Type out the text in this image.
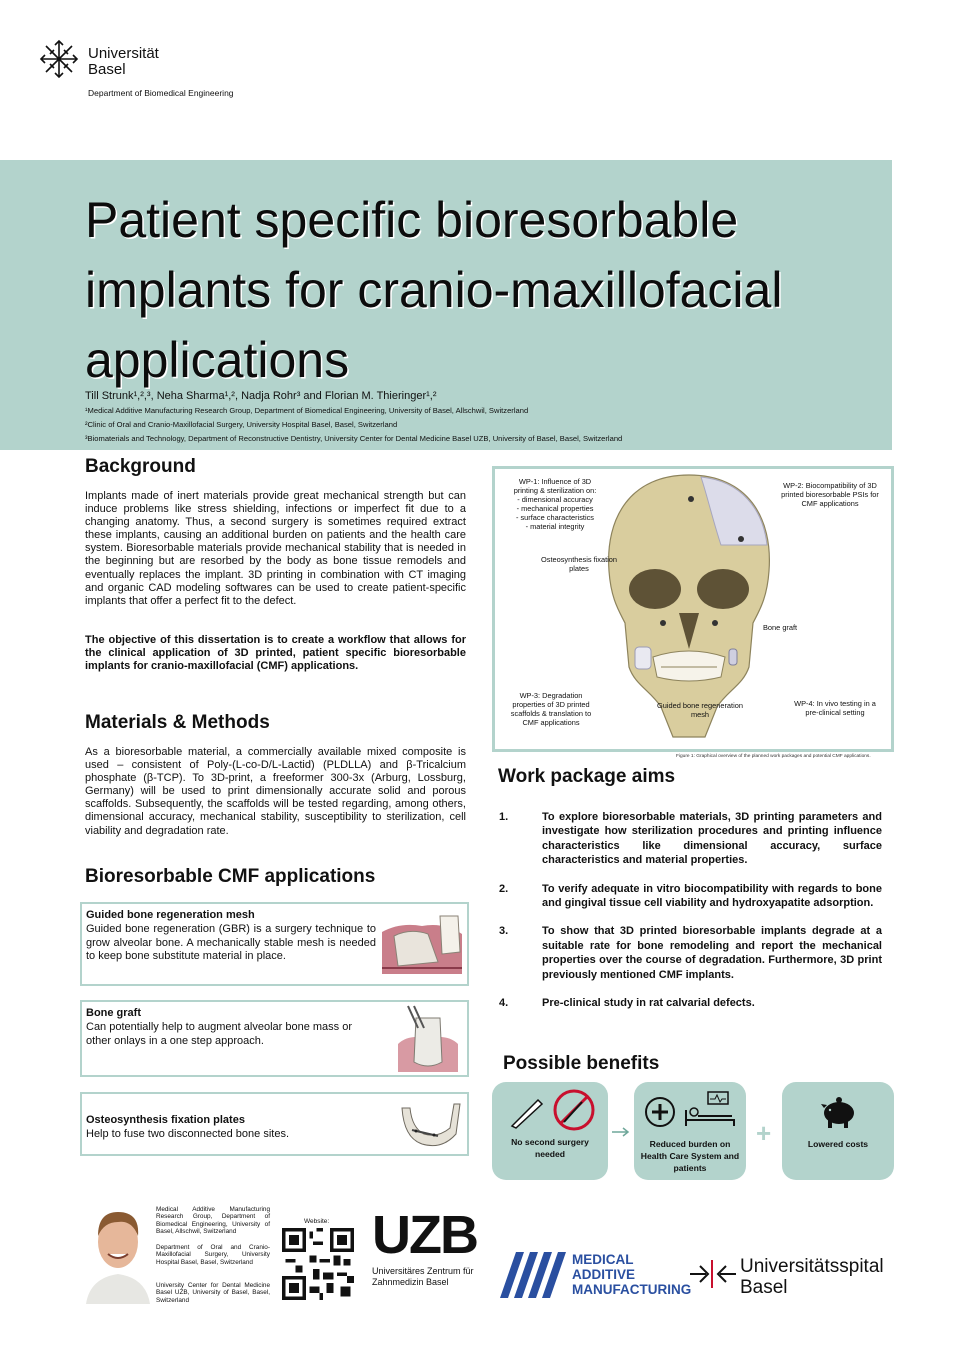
Universität Basel
Department of Biomedical Engineering
Patient specific bioresorbable implants for cranio-maxillofacial applications
Till Strunk¹,²,³, Neha Sharma¹,², Nadja Rohr³ and Florian M. Thieringer¹,²
¹Medical Additive Manufacturing Research Group, Department of Biomedical Engineering, University of Basel, Allschwil, Switzerland
²Clinic of Oral and Cranio-Maxillofacial Surgery, University Hospital Basel, Basel, Switzerland
³Biomaterials and Technology, Department of Reconstructive Dentistry, University Center for Dental Medicine Basel UZB, University of Basel, Basel, Switzerland
Background

Implants made of inert materials provide great mechanical strength but can induce problems like stress shielding, infections or imperfect fit due to a changing anatomy. Thus, a second surgery is sometimes required extract these implants, causing an additional burden on patients and the health care system. Bioresorbable materials provide mechanical stability that is needed in the beginning but are resorbed by the body as bone tissue remodels and eventually replaces the implant. 3D printing in combination with CT imaging and organic CAD modeling softwares can be used to create patient-specific implants that offer a perfect fit to the defect.

The objective of this dissertation is to create a workflow that allows for the clinical application of 3D printed, patient specific bioresorbable implants for cranio-maxillofacial (CMF) applications.

Materials & Methods

As a bioresorbable material, a commercially available mixed composite is used – consistent of Poly-(L-co-D/L-Lactid) (PLDLLA) and β-Tricalcium phosphate (β-TCP). To 3D-print, a freeformer 300-3x (Arburg, Lossburg, Germany) will be used to print dimensionally accurate solid and porous scaffolds. Subsequently, the scaffolds will be tested regarding, among others, dimensional accuracy, mechanical stability, susceptibility to sterilization, cell viability and degradation rate.

Bioresorbable CMF applications
Guided bone regeneration mesh
Guided bone regeneration (GBR) is a surgery technique to grow alveolar bone. A mechanically stable mesh is needed to keep bone substitute material in place.
Bone graft
Can potentially help to augment alveolar bone mass or other onlays in a one step approach.
Osteosynthesis fixation plates
Help to fuse two disconnected bone sites.
WP-1: Influence of 3D printing & sterilization on:
- dimensional accuracy
- mechanical properties
- surface characteristics
- material integrity
WP-2: Biocompatibility of 3D printed bioresorbable PSIs for CMF applications
Osteosynthesis fixation plates
Bone graft
WP-3: Degradation properties of 3D printed scaffolds & translation to CMF applications
Guided bone regeneration mesh
WP-4: In vivo testing in a pre-clinical setting
Figure 1: Graphical overview of the planned work packages and potential CMF applications.
Work package aims
1.	To explore bioresorbable materials, 3D printing parameters and investigate how sterilization procedures and printing influence characteristics like dimensional accuracy, surface characteristics and material properties.
2.	To verify adequate in vitro biocompatibility with regards to bone and gingival tissue cell viability and hydroxyapatite adsorption.
3.	To show that 3D printed bioresorbable implants degrade at a suitable rate for bone remodeling and report the mechanical properties over the course of degradation. Furthermore, 3D print previously mentioned CMF implants.
4.	Pre-clinical study in rat calvarial defects.
Possible benefits
No second surgery needed
Reduced burden on Health Care System and patients
+	Lowered costs
Medical Additive Manufacturing Research Group, Department of Biomedical Engineering, University of Basel, Allschwil, Switzerland
Department of Oral and Cranio-Maxillofacial Surgery, University Hospital Basel, Basel, Switzerland
University Center for Dental Medicine Basel UZB, University of Basel, Basel, Switzerland
Website: UZB
Universitäres Zentrum für Zahnmedizin Basel
MEDICAL ADDITIVE MANUFACTURING
Universitätsspital Basel
